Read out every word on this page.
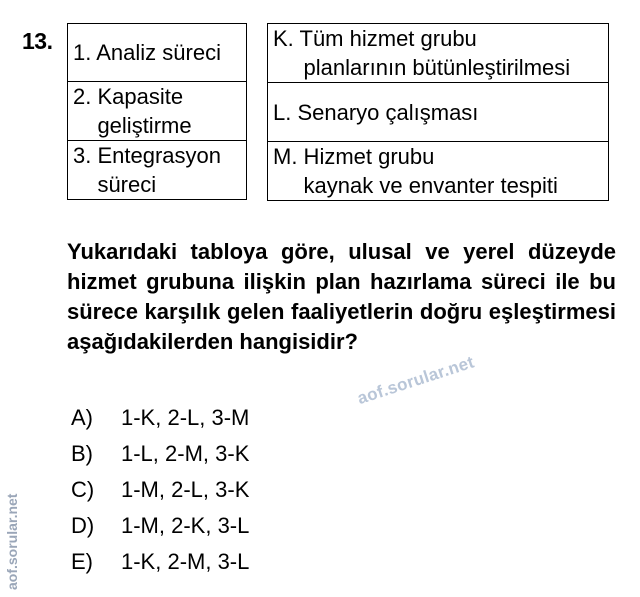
13. 1. Analiz süreci

2. Kapasite
geliştirme

3. Entegrasyon
süreci
K. Tüm hizmet grubu
planlarının bütünleştirilmesi

L. Senaryo çalışması

M. Hizmet grubu
kaynak ve envanter tespiti
Yukarıdaki tabloya göre, ulusal ve yerel düzeyde hizmet grubuna ilişkin plan hazırlama süreci ile bu sürece karşılık gelen faaliyetlerin doğru eşleştirmesi aşağıdakilerden hangisidir?
A)	1-K, 2-L, 3-M
B)	1-L, 2-M, 3-K
C)	1-M, 2-L, 3-K
D)	1-M, 2-K, 3-L
E)	1-K, 2-M, 3-L
aof.sorular.net
aof.sorular.net
